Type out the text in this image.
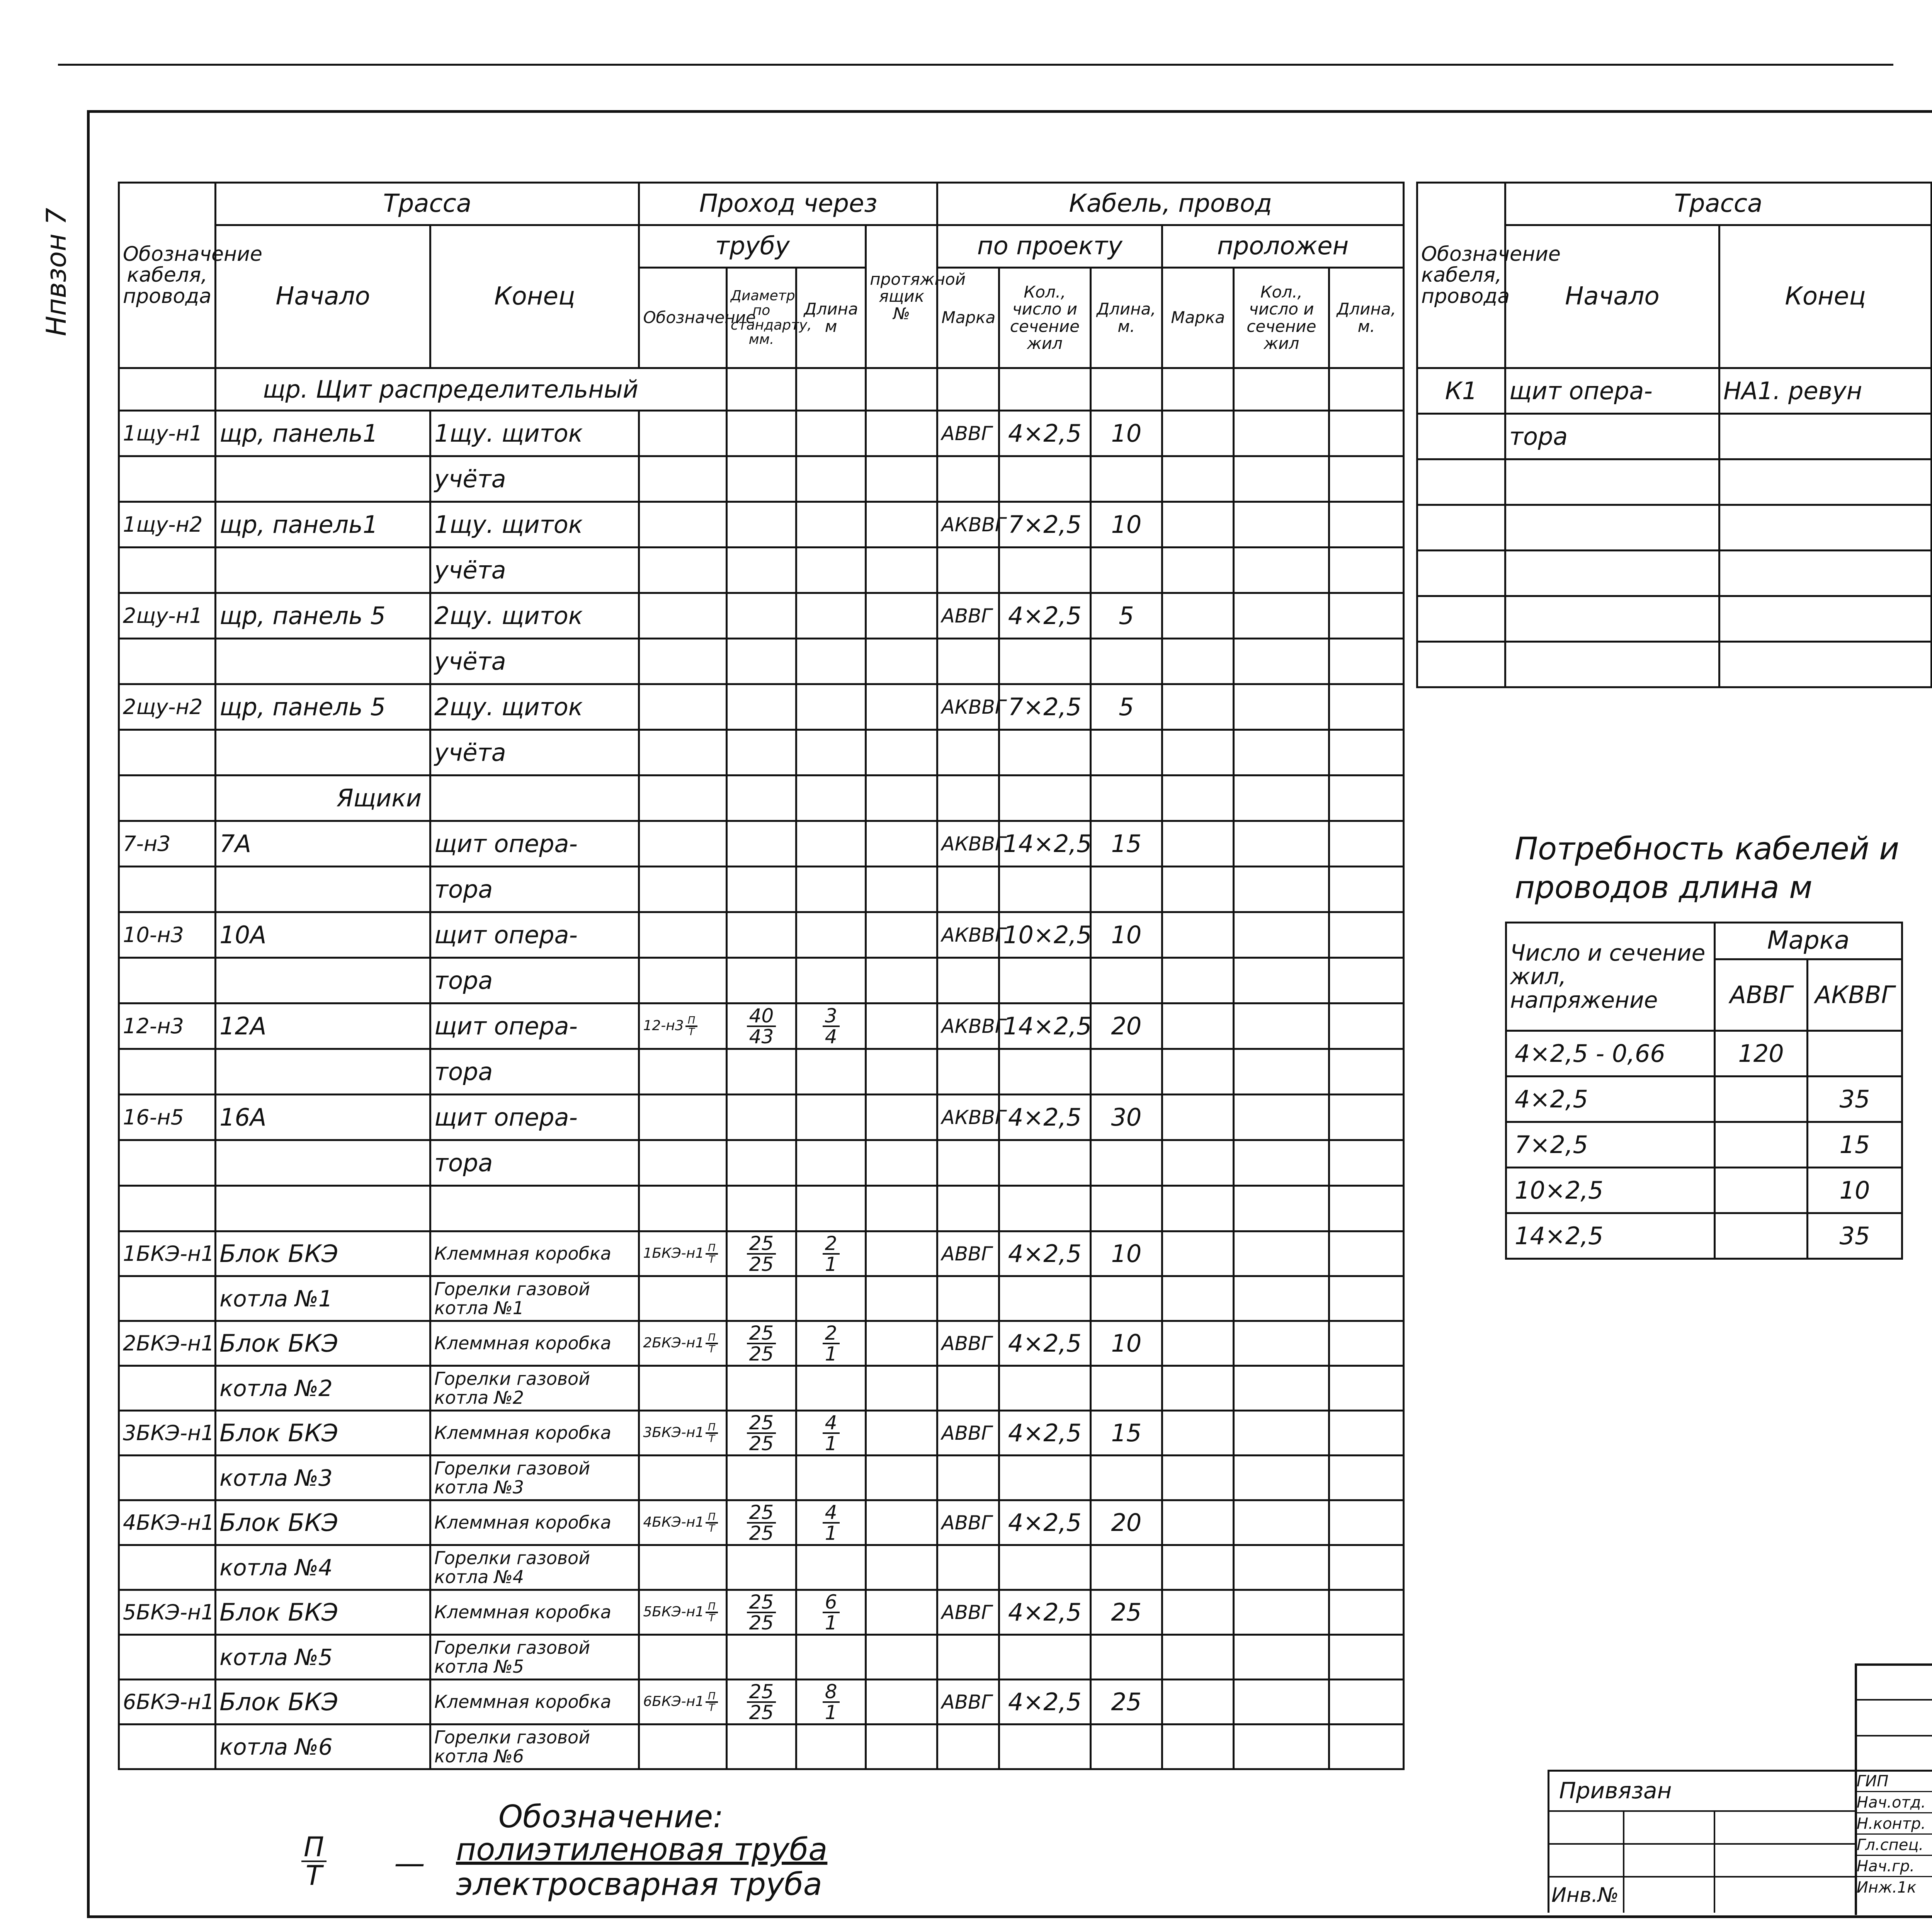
Нпвзон 7	Обозначение кабеля, провода	Трасса		Проход через				Кабель, провод					
	Начало	Конец	трубу			протяжной ящик №	по проекту			проложен		
			Обозначение	Диаметр по стандарту, мм.	Длина м		Марка	Кол., число и сечение жил	Длина, м.	Марка	Кол., число и сечение жил	Длина, м.
	щр. Щит распределительный											
1щу-н1	щр, панель1	1щу. щиток					АВВГ	4×2,5	10			
		учёта										
1щу-н2	щр, панель1	1щу. щиток					АКВВГ	7×2,5	10			
		учёта										
2щу-н1	щр, панель 5	2щу. щиток					АВВГ	4×2,5	5			
		учёта										
2щу-н2	щр, панель 5	2щу. щиток					АКВВГ	7×2,5	5			
		учёта										
	Ящики											
7-н3	7А	щит опера-					АКВВГ	14×2,5	15			
		тора										
10-н3	10А	щит опера-					АКВВГ	10×2,5	10			
		тора										
12-н3	12А	щит опера-	$12-н3 \frac{П}{Т}$	$\frac{40}{43}$	$\frac{3}{4}$		АКВВГ	14×2,5	20			
		тора										
16-н5	16А	щит опера-					АКВВГ	4×2,5	30			
		тора										

1БКЭ-н1	Блок БКЭ	Клеммная коробка	$1БКЭ-н1 \frac{П}{Т}$	$\frac{25}{25}$	$\frac{2}{1}$		АВВГ	4×2,5	10			
	котла №1	Горелки газовой котла №1										
2БКЭ-н1	Блок БКЭ	Клеммная коробка	$2БКЭ-н1 \frac{П}{Т}$	$\frac{25}{25}$	$\frac{2}{1}$		АВВГ	4×2,5	10			
	котла №2	Горелки газовой котла №2										
3БКЭ-н1	Блок БКЭ	Клеммная коробка	$3БКЭ-н1 \frac{П}{Т}$	$\frac{25}{25}$	$\frac{4}{1}$		АВВГ	4×2,5	15			
	котла №3	Горелки газовой котла №3										
4БКЭ-н1	Блок БКЭ	Клеммная коробка	$4БКЭ-н1 \frac{П}{Т}$	$\frac{25}{25}$	$\frac{4}{1}$		АВВГ	4×2,5	20			
	котла №4	Горелки газовой котла №4										
5БКЭ-н1	Блок БКЭ	Клеммная коробка	$5БКЭ-н1 \frac{П}{Т}$	$\frac{25}{25}$	$\frac{6}{1}$		АВВГ	4×2,5	25			
	котла №5	Горелки газовой котла №5										
6БКЭ-н1	Блок БКЭ	Клеммная коробка	$6БКЭ-н1 \frac{П}{Т}$	$\frac{25}{25}$	$\frac{8}{1}$		АВВГ	4×2,5	25			
	котла №6	Горелки газовой котла №6										
Обозначение кабеля, провода	Трасса		
	Начало	Конец				

К1	щит опера-	НА1. ревун										
	тора											

Обозначение:
$\frac{П}{Т}$ — полиэтиленовая труба
электросварная труба
Потребность кабелей и
проводов длина м
Число и сечение жил, напряжение	Марка	
	АВВГ	АКВВГ
4×2,5 - 0,66	120	
4×2,5		35
7×2,5		15
10×2,5		10
14×2,5		35

Привязан
Инв.№
ГИП
Нач.отд.
Н.контр.
Гл.спец.
Нач.гр.
Инж.1к
